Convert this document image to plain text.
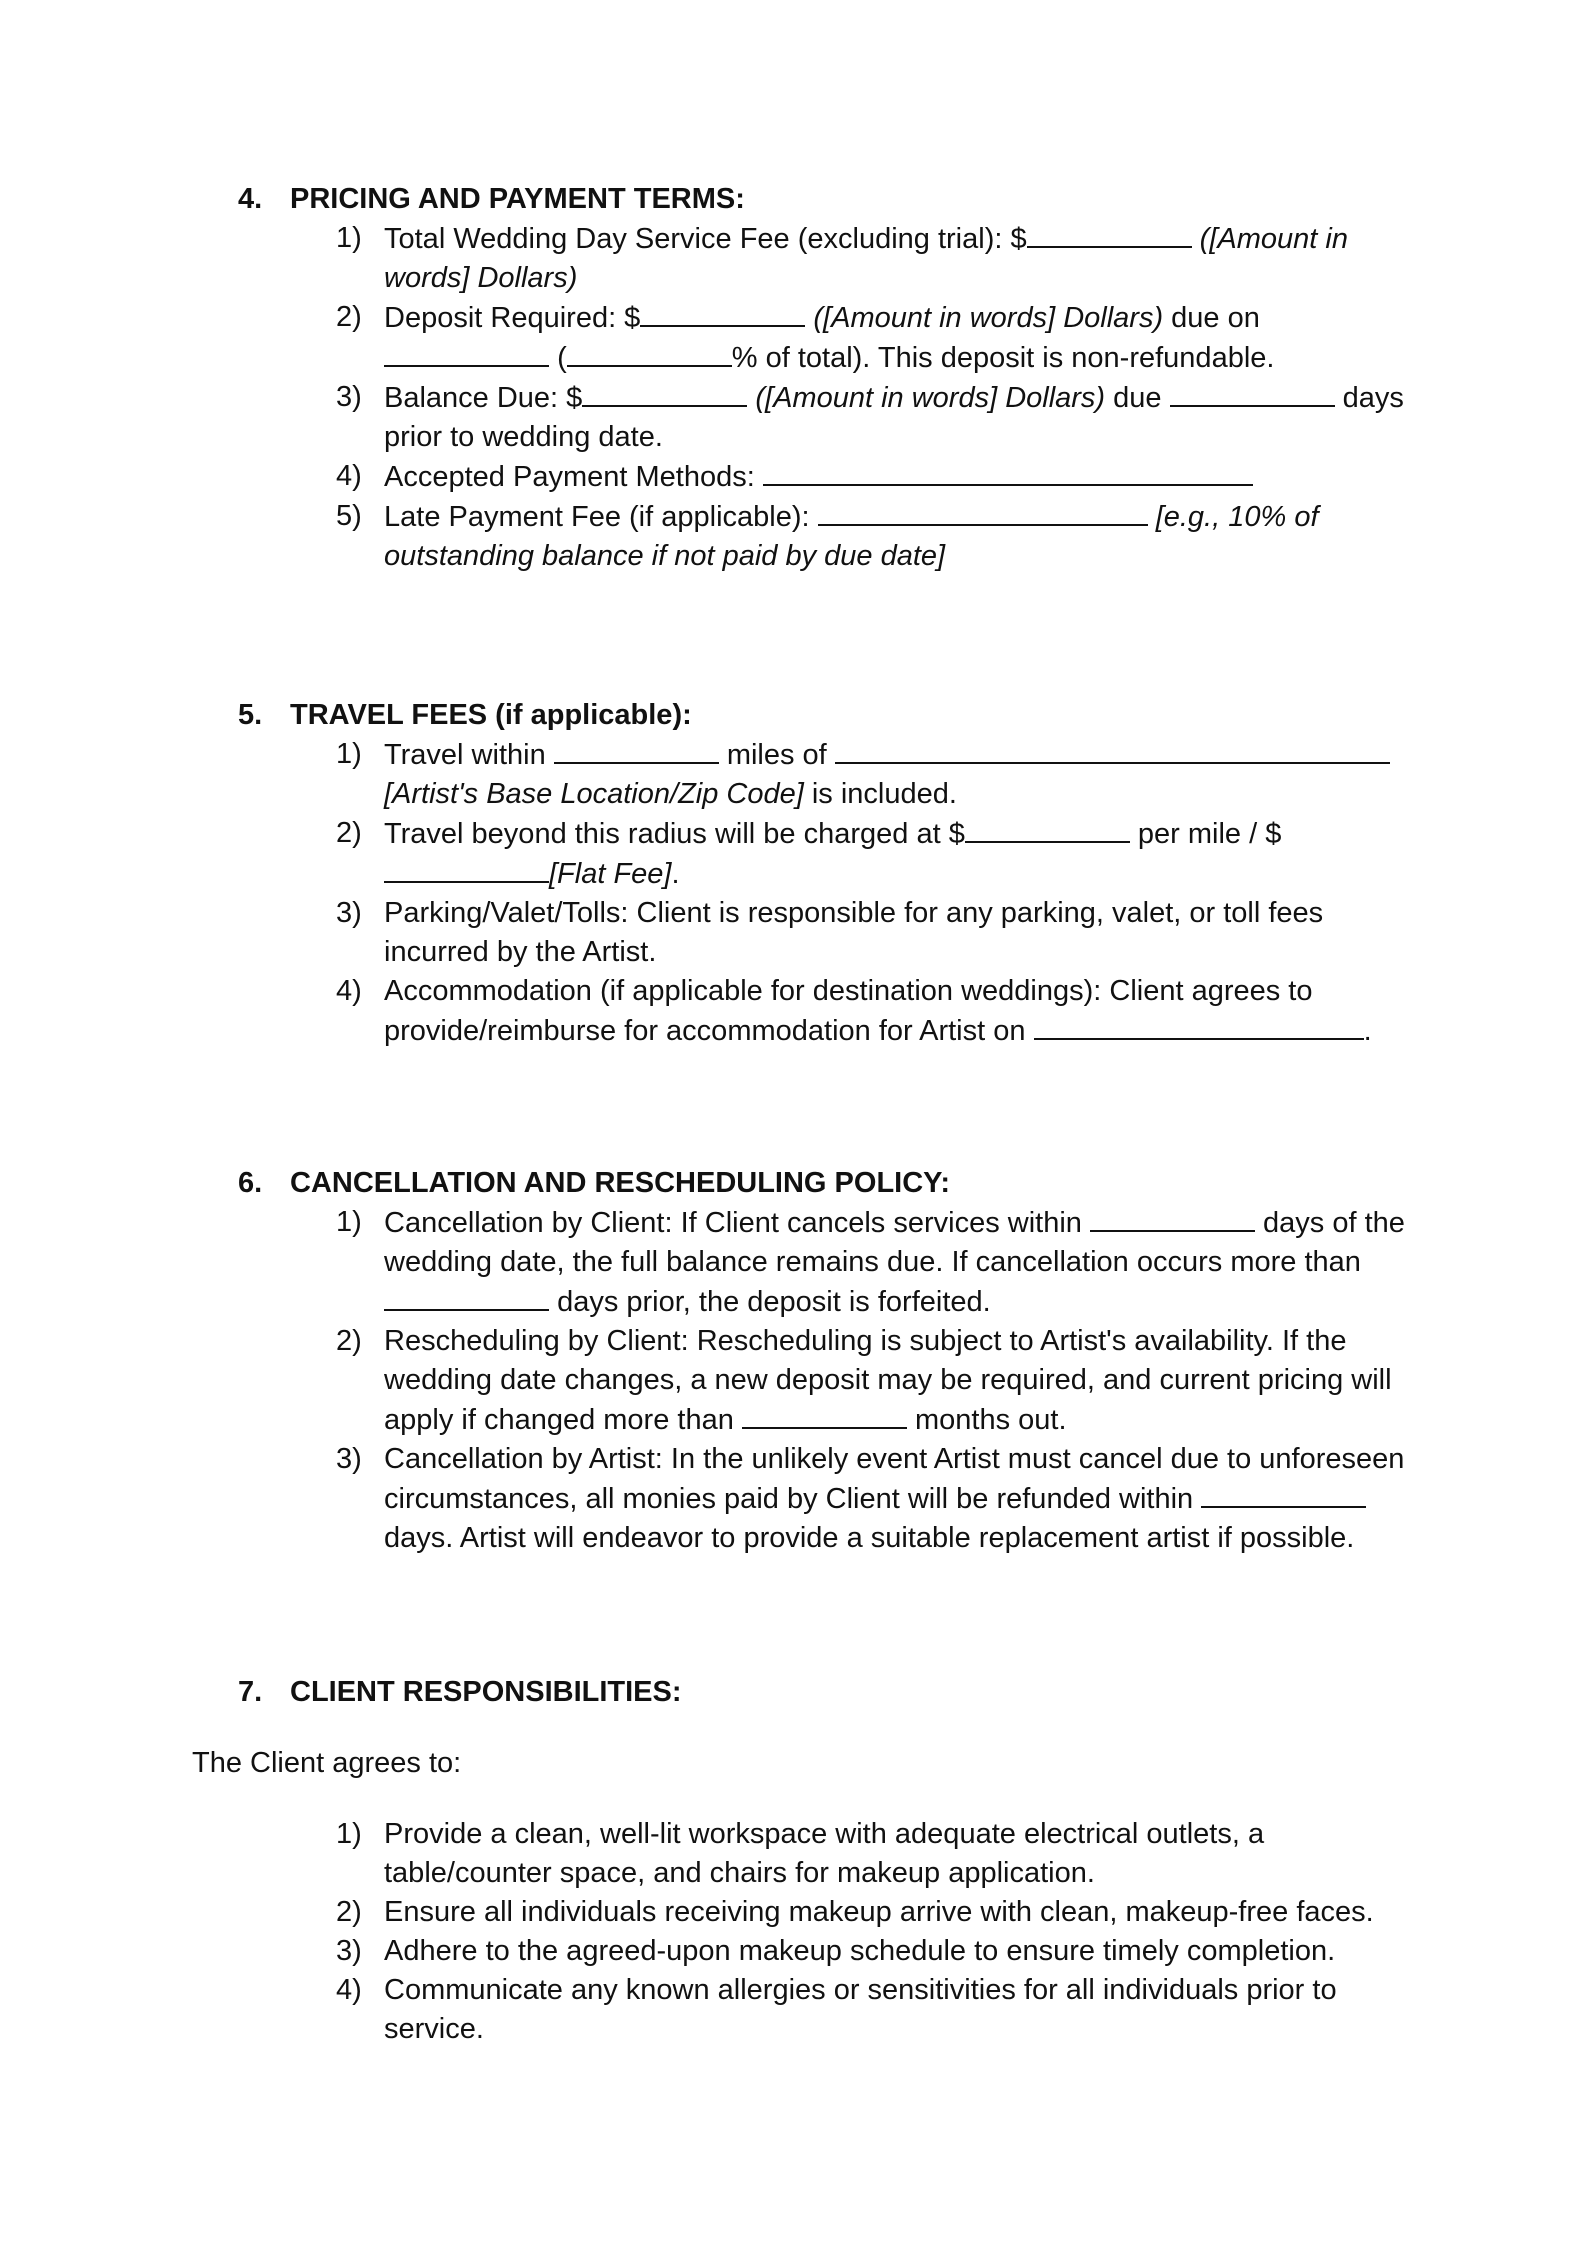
4. PRICING AND PAYMENT TERMS:
1) Total Wedding Day Service Fee (excluding trial): $	([Amount in words] Dollars)
2) Deposit Required: $	([Amount in words] Dollars) due on  (	% of total). This deposit is non-refundable.
3) Balance Due: $	([Amount in words] Dollars) due	days prior to wedding date.
4) Accepted Payment Methods:
5) Late Payment Fee (if applicable):	[e.g., 10% of outstanding balance if not paid by due date]
5. TRAVEL FEES (if applicable):
1) Travel within	miles of  [Artist's Base Location/Zip Code] is included.
2) Travel beyond this radius will be charged at $	per mile / $[Flat Fee].
3) Parking/Valet/Tolls: Client is responsible for any parking, valet, or toll fees incurred by the Artist.
4) Accommodation (if applicable for destination weddings): Client agrees to provide/reimburse for accommodation for Artist on	.
6. CANCELLATION AND RESCHEDULING POLICY:
1) Cancellation by Client: If Client cancels services within	days of the wedding date, the full balance remains due. If cancellation occurs more than  days prior, the deposit is forfeited.
2) Rescheduling by Client: Rescheduling is subject to Artist's availability. If the wedding date changes, a new deposit may be required, and current pricing will apply if changed more than	months out.
3) Cancellation by Artist: In the unlikely event Artist must cancel due to unforeseen circumstances, all monies paid by Client will be refunded within  days. Artist will endeavor to provide a suitable replacement artist if possible.
7. CLIENT RESPONSIBILITIES:
The Client agrees to:
1) Provide a clean, well-lit workspace with adequate electrical outlets, a table/counter space, and chairs for makeup application.
2) Ensure all individuals receiving makeup arrive with clean, makeup-free faces.
3) Adhere to the agreed-upon makeup schedule to ensure timely completion.
4) Communicate any known allergies or sensitivities for all individuals prior to service.
